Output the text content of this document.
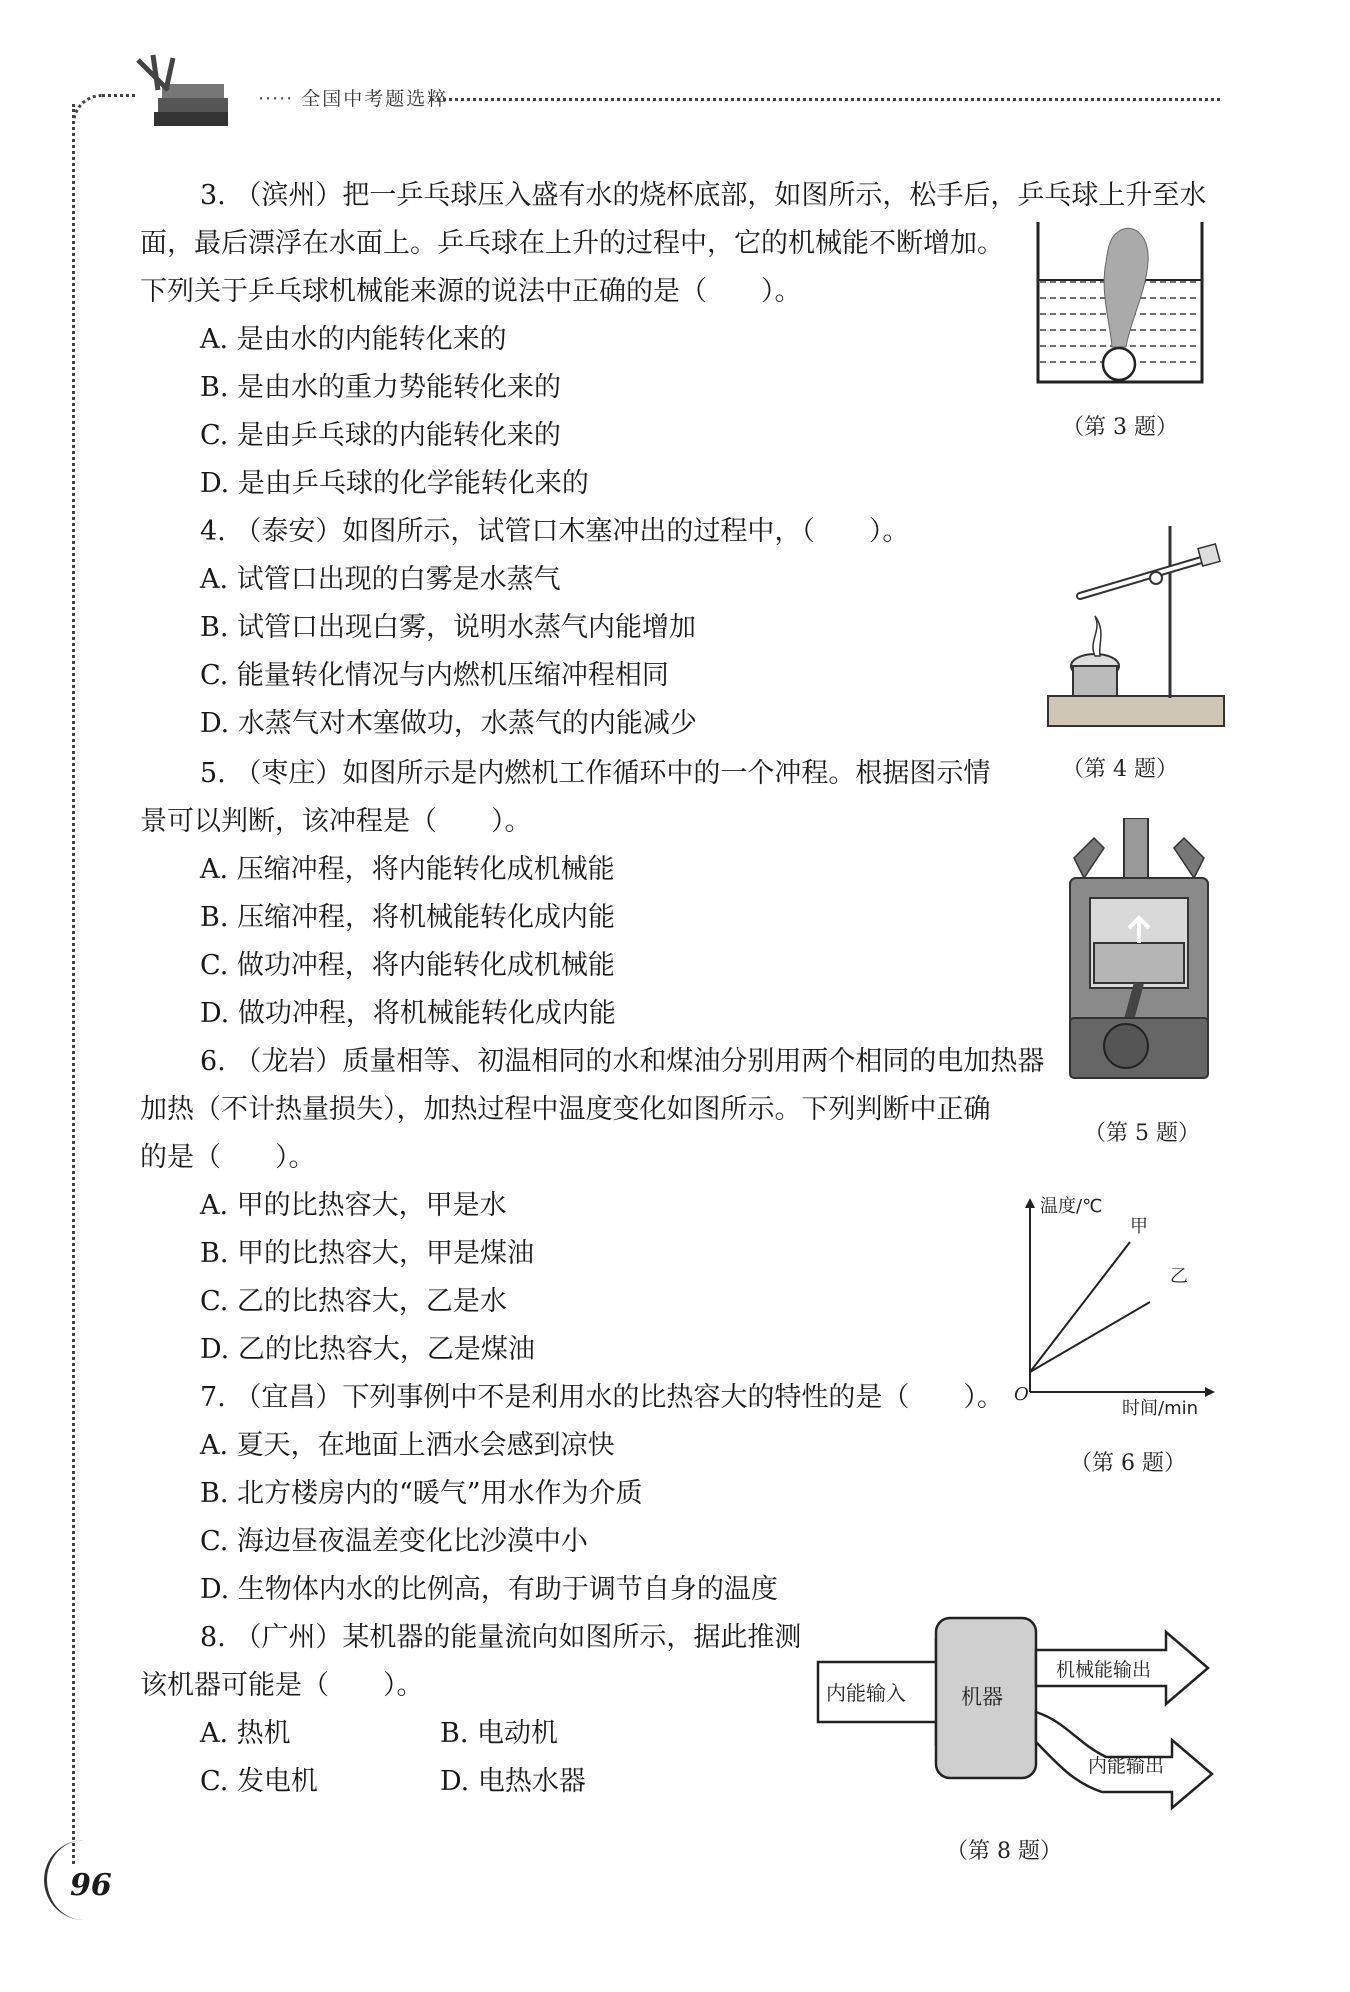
····· 全国中考题选粹
3. （滨州）把一乒乓球压入盛有水的烧杯底部，如图所示，松手后，乒乓球上升至水
面，最后漂浮在水面上。乒乓球在上升的过程中，它的机械能不断增加。
下列关于乒乓球机械能来源的说法中正确的是（　　）。
A. 是由水的内能转化来的
B. 是由水的重力势能转化来的
C. 是由乒乓球的内能转化来的
D. 是由乒乓球的化学能转化来的
（第 3 题）
4. （泰安）如图所示，试管口木塞冲出的过程中，（　　）。
A. 试管口出现的白雾是水蒸气
B. 试管口出现白雾，说明水蒸气内能增加
C. 能量转化情况与内燃机压缩冲程相同
D. 水蒸气对木塞做功，水蒸气的内能减少
（第 4 题）
5. （枣庄）如图所示是内燃机工作循环中的一个冲程。根据图示情
景可以判断，该冲程是（　　）。
A. 压缩冲程，将内能转化成机械能
B. 压缩冲程，将机械能转化成内能
C. 做功冲程，将内能转化成机械能
D. 做功冲程，将机械能转化成内能
（第 5 题）
6. （龙岩）质量相等、初温相同的水和煤油分别用两个相同的电加热器
加热（不计热量损失），加热过程中温度变化如图所示。下列判断中正确
的是（　　）。
A. 甲的比热容大，甲是水
B. 甲的比热容大，甲是煤油
C. 乙的比热容大，乙是水
D. 乙的比热容大，乙是煤油
温度/℃
O
时间/min
甲
乙
（第 6 题）
7. （宜昌）下列事例中不是利用水的比热容大的特性的是（　　）。
A. 夏天，在地面上洒水会感到凉快
B. 北方楼房内的“暖气”用水作为介质
C. 海边昼夜温差变化比沙漠中小
D. 生物体内水的比例高，有助于调节自身的温度
8. （广州）某机器的能量流向如图所示，据此推测
该机器可能是（　　）。
A. 热机	B. 电动机
C. 发电机	D. 电热水器
内能输入	机器
机械能输出
内能输出
（第 8 题）
96
